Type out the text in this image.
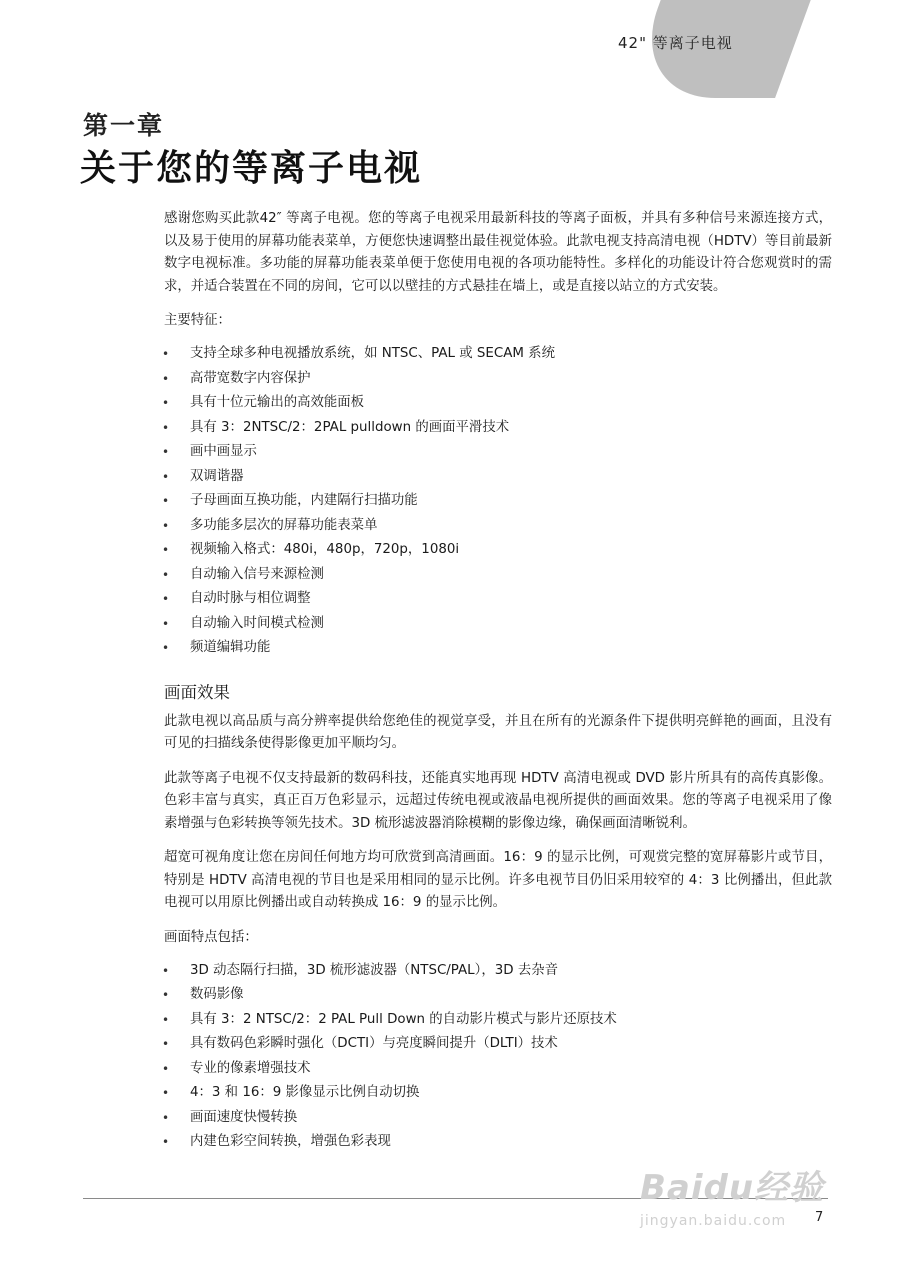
42" 等离子电视
第一章
关于您的等离子电视

感谢您购买此款42″ 等离子电视。您的等离子电视采用最新科技的等离子面板，并具有多种信号来源连接方式，以及易于使用的屏幕功能表菜单，方便您快速调整出最佳视觉体验。此款电视支持高清电视（HDTV）等目前最新数字电视标准。多功能的屏幕功能表菜单便于您使用电视的各项功能特性。多样化的功能设计符合您观赏时的需求，并适合装置在不同的房间，它可以以壁挂的方式悬挂在墙上，或是直接以站立的方式安装。

主要特征：

• 支持全球多种电视播放系统，如 NTSC、PAL 或 SECAM 系统
• 高带宽数字内容保护
• 具有十位元输出的高效能面板
• 具有 3：2NTSC/2：2PAL pulldown 的画面平滑技术
• 画中画显示
• 双调谐器
• 子母画面互换功能，内建隔行扫描功能
• 多功能多层次的屏幕功能表菜单
• 视频输入格式：480i，480p，720p，1080i
• 自动输入信号来源检测
• 自动时脉与相位调整
• 自动输入时间模式检测
• 频道编辑功能
画面效果

此款电视以高品质与高分辨率提供给您绝佳的视觉享受，并且在所有的光源条件下提供明亮鲜艳的画面，且没有可见的扫描线条使得影像更加平顺均匀。

此款等离子电视不仅支持最新的数码科技，还能真实地再现 HDTV 高清电视或 DVD 影片所具有的高传真影像。色彩丰富与真实，真正百万色彩显示，远超过传统电视或液晶电视所提供的画面效果。您的等离子电视采用了像素增强与色彩转换等领先技术。3D 梳形滤波器消除模糊的影像边缘，确保画面清晰锐利。

超宽可视角度让您在房间任何地方均可欣赏到高清画面。16：9 的显示比例，可观赏完整的宽屏幕影片或节目，特别是 HDTV 高清电视的节目也是采用相同的显示比例。许多电视节目仍旧采用较窄的 4：3 比例播出，但此款电视可以用原比例播出或自动转换成 16：9 的显示比例。

画面特点包括：

• 3D 动态隔行扫描，3D 梳形滤波器（NTSC/PAL），3D 去杂音
• 数码影像
• 具有 3：2 NTSC/2：2 PAL Pull Down 的自动影片模式与影片还原技术
• 具有数码色彩瞬时强化（DCTI）与亮度瞬间提升（DLTI）技术
• 专业的像素增强技术
• 4：3 和 16：9 影像显示比例自动切换
• 画面速度快慢转换
• 内建色彩空间转换，增强色彩表现
7
Baidu经验
jingyan.baidu.com
